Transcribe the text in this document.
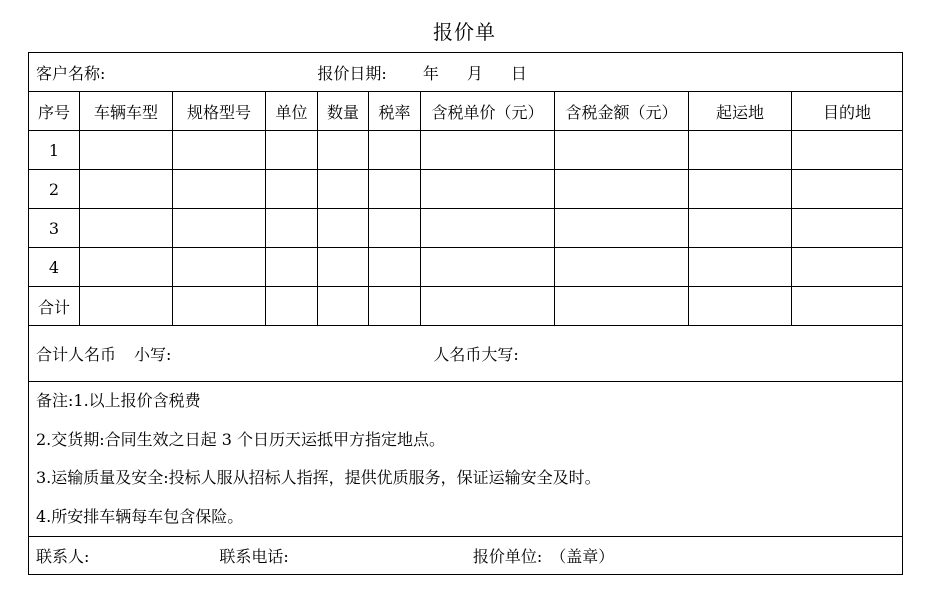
报价单
客户名称: 报价日期: 年 月 日									
序号	车辆车型	规格型号	单位	数量	税率	含税单价（元）	含税金额（元）	起运地	目的地
1									
2									
3									
4									
合计									
合计人名币 小写: 人名币大写:									

备注:1.以上报价含税费
2.交货期:合同生效之日起 3 个日历天运抵甲方指定地点。
3.运输质量及安全:投标人服从招标人指挥，提供优质服务，保证运输安全及时。
4.所安排车辆每车包含保险。									

联系人: 联系电话: 报价单位: （盖章）									
